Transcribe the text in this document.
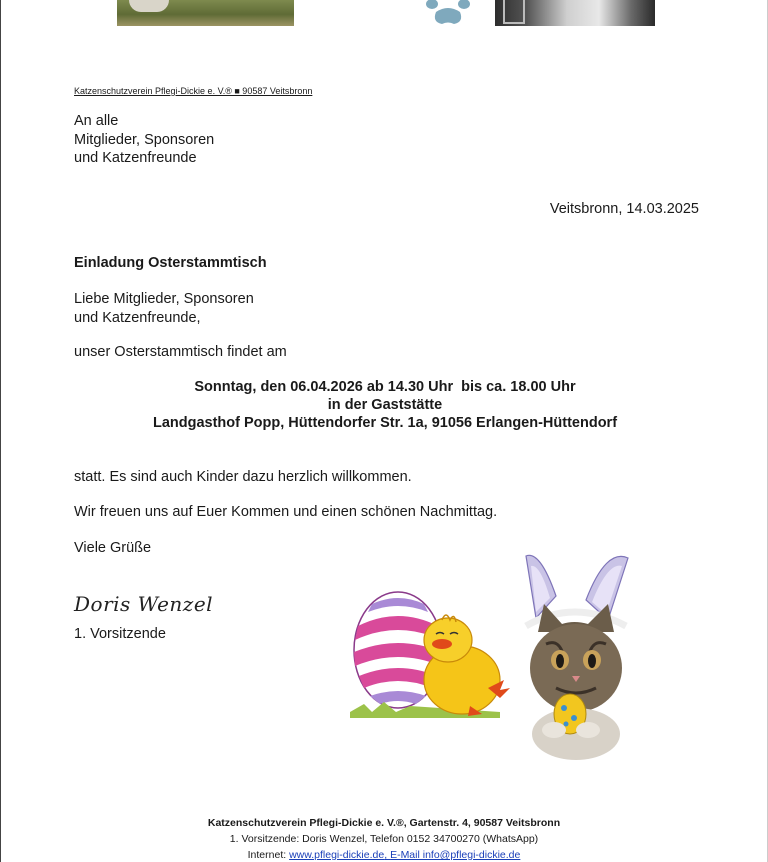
Katzenschutzverein Pflegi-Dickie e. V.® ■ 90587 Veitsbronn
An alle
Mitglieder, Sponsoren
und Katzenfreunde
Veitsbronn, 14.03.2025
Einladung Osterstammtisch
Liebe Mitglieder, Sponsoren
und Katzenfreunde,
unser Osterstammtisch findet am
Sonntag, den 06.04.2026 ab 14.30 Uhr  bis ca. 18.00 Uhr
in der Gaststätte
Landgasthof Popp, Hüttendorfer Str. 1a, 91056 Erlangen-Hüttendorf
statt. Es sind auch Kinder dazu herzlich willkommen.
Wir freuen uns auf Euer Kommen und einen schönen Nachmittag.
Viele Grüße
Doris Wenzel
1. Vorsitzende
Katzenschutzverein Pflegi-Dickie e. V.®, Gartenstr. 4, 90587 Veitsbronn
1. Vorsitzende: Doris Wenzel, Telefon 0152 34700270 (WhatsApp)
Internet: www.pflegi-dickie.de, E-Mail info@pflegi-dickie.de
